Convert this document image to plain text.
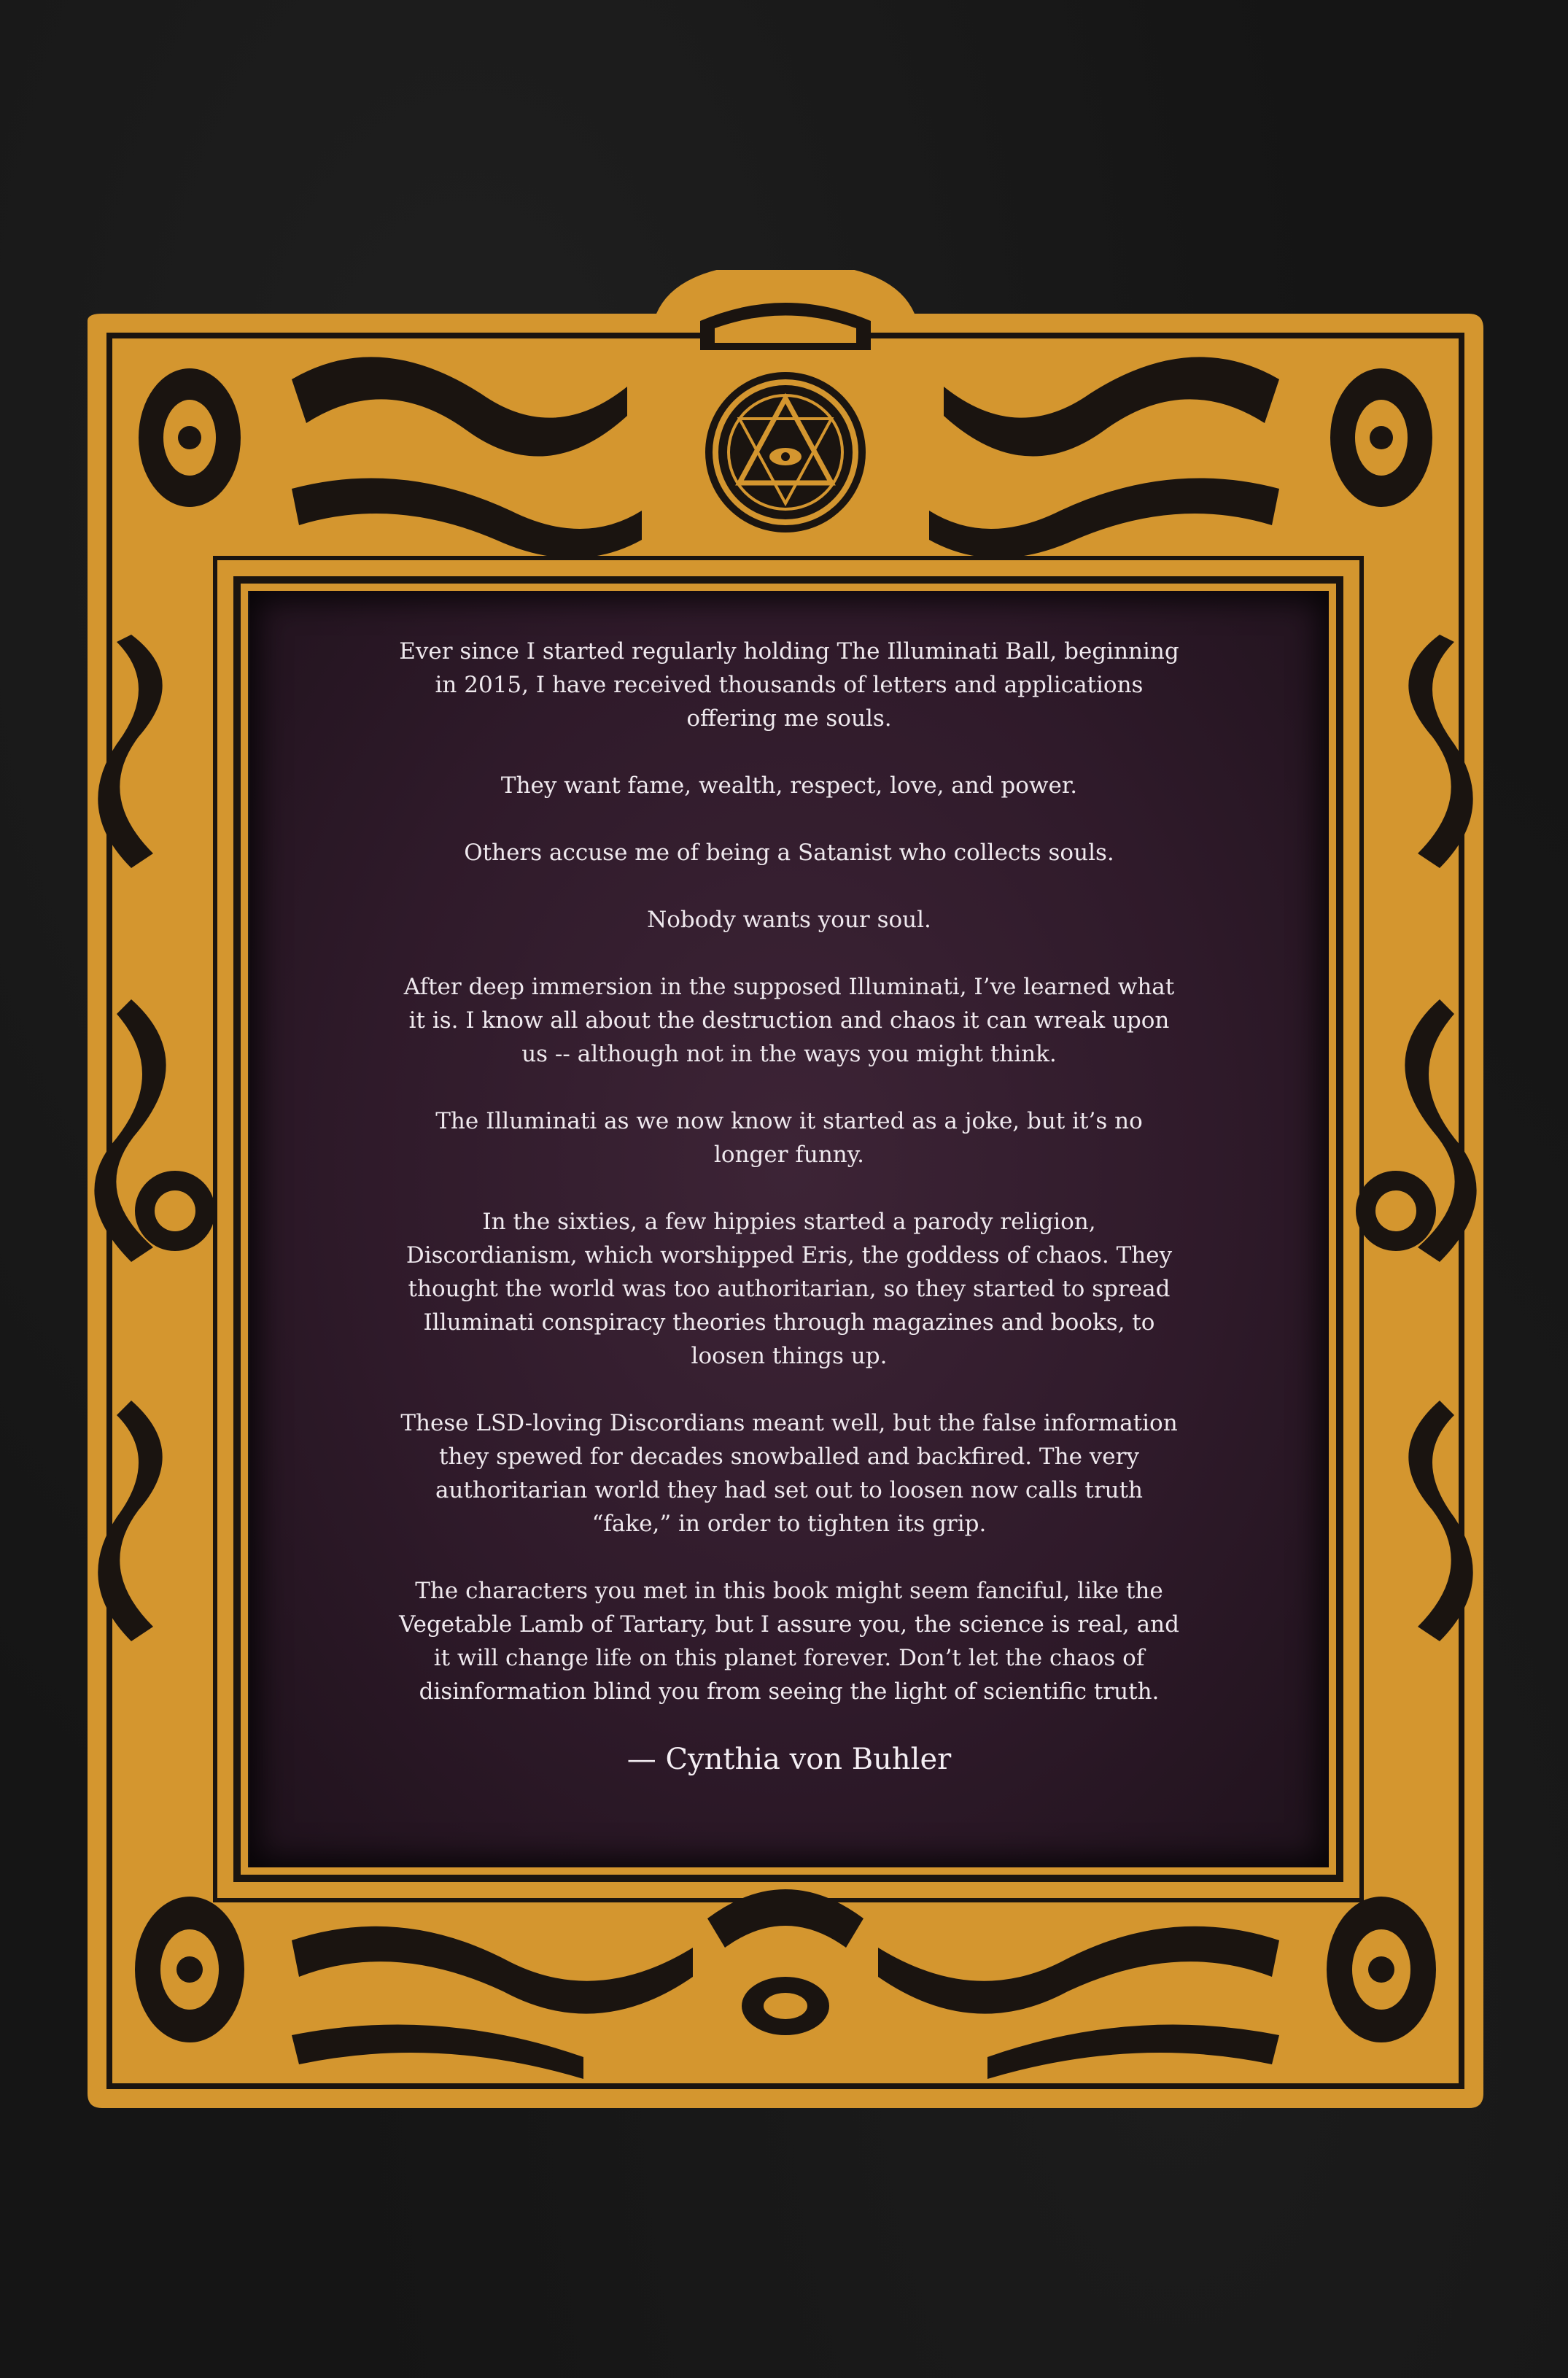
Ever since I started regularly holding The Illuminati Ball, beginning in 2015, I have received thousands of letters and applications offering me souls.

They want fame, wealth, respect, love, and power.

Others accuse me of being a Satanist who collects souls.

Nobody wants your soul.

After deep immersion in the supposed Illuminati, I’ve learned what it is. I know all about the destruction and chaos it can wreak upon us -- although not in the ways you might think.

The Illuminati as we now know it started as a joke, but it’s no longer funny.

In the sixties, a few hippies started a parody religion, Discordianism, which worshipped Eris, the goddess of chaos. They thought the world was too authoritarian, so they started to spread Illuminati conspiracy theories through magazines and books, to loosen things up.

These LSD-loving Discordians meant well, but the false information they spewed for decades snowballed and backfired. The very authoritarian world they had set out to loosen now calls truth “fake,” in order to tighten its grip.

The characters you met in this book might seem fanciful, like the Vegetable Lamb of Tartary, but I assure you, the science is real, and it will change life on this planet forever. Don’t let the chaos of disinformation blind you from seeing the light of scientific truth.

— Cynthia von Buhler
